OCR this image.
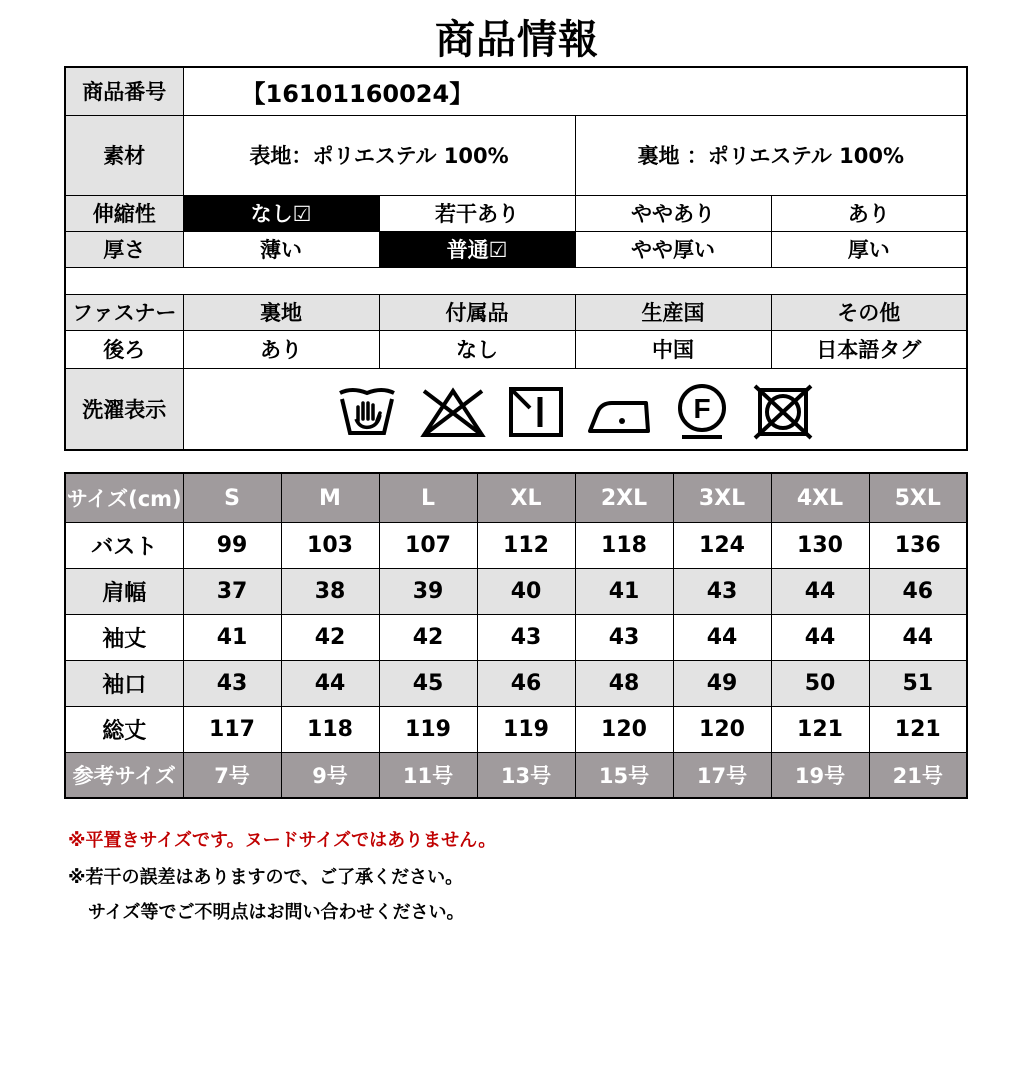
商品情報
商品番号	【16101160024】			
素材	表地：ポリエステル 100%		裏地 ：ポリエステル 100%	
伸縮性	なし☑	若干あり	ややあり	あり
厚さ	薄い	普通☑	やや厚い	厚い

ファスナー	裏地	付属品	生産国	その他
後ろ	あり	なし	中国	日本語タグ
洗濯表示	F			
サイズ(cm)	S	M	L	XL	2XL	3XL	4XL	5XL
バスト	99	103	107	112	118	124	130	136
肩幅	37	38	39	40	41	43	44	46
袖丈	41	42	42	43	43	44	44	44
袖口	43	44	45	46	48	49	50	51
総丈	117	118	119	119	120	120	121	121
参考サイズ	7号	9号	11号	13号	15号	17号	19号	21号
※平置きサイズです。ヌードサイズではありません。
※若干の誤差はありますので、ご了承ください。
サイズ等でご不明点はお問い合わせください。
